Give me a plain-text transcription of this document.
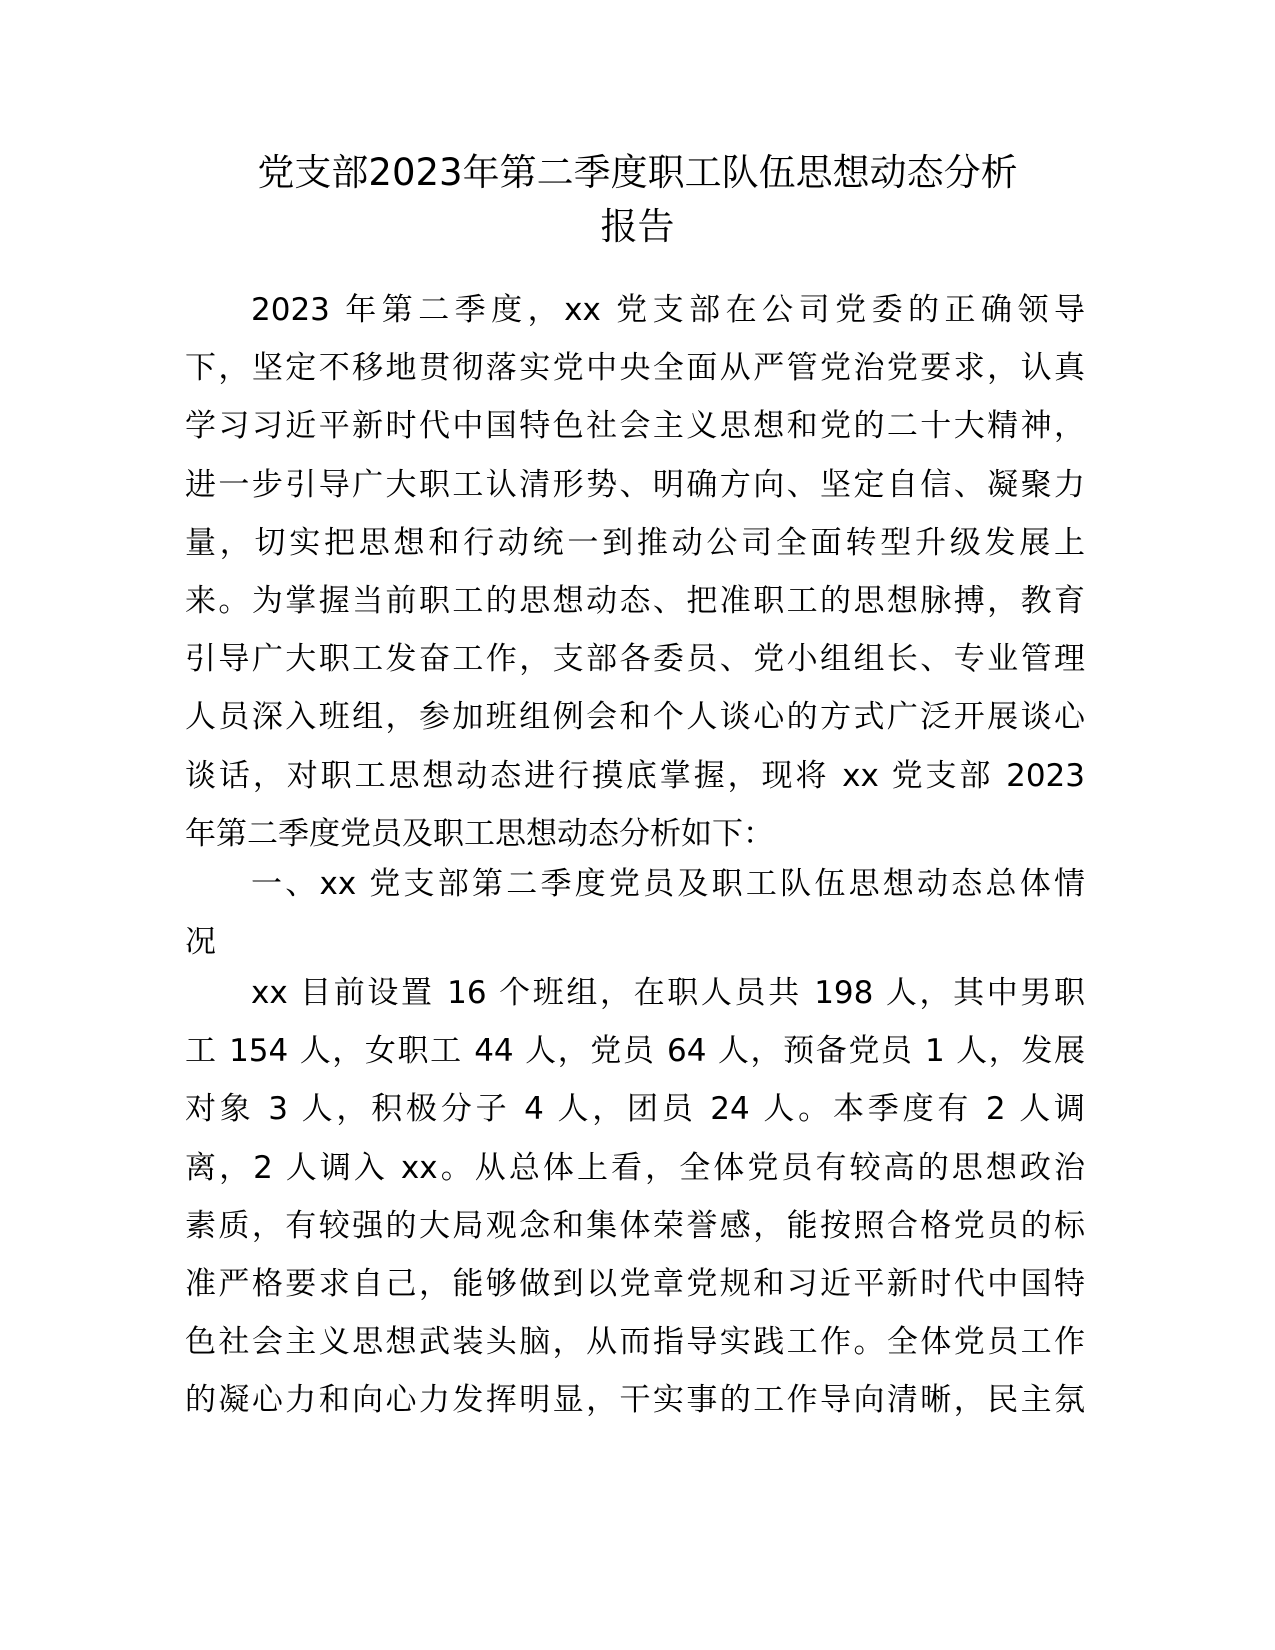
党支部2023年第二季度职工队伍思想动态分析
报告

2023 年第二季度，xx 党支部在公司党委的正确领导
下，坚定不移地贯彻落实党中央全面从严管党治党要求，认真
学习习近平新时代中国特色社会主义思想和党的二十大精神，
进一步引导广大职工认清形势、明确方向、坚定自信、凝聚力
量，切实把思想和行动统一到推动公司全面转型升级发展上
来。为掌握当前职工的思想动态、把准职工的思想脉搏，教育
引导广大职工发奋工作，支部各委员、党小组组长、专业管理
人员深入班组，参加班组例会和个人谈心的方式广泛开展谈心
谈话，对职工思想动态进行摸底掌握，现将 xx 党支部 2023
年第二季度党员及职工思想动态分析如下：

一、xx 党支部第二季度党员及职工队伍思想动态总体情
况

xx 目前设置 16 个班组，在职人员共 198 人，其中男职
工 154 人，女职工 44 人，党员 64 人，预备党员 1 人，发展
对象 3 人，积极分子 4 人，团员 24 人。本季度有 2 人调
离，2 人调入 xx。从总体上看，全体党员有较高的思想政治
素质，有较强的大局观念和集体荣誉感，能按照合格党员的标
准严格要求自己，能够做到以党章党规和习近平新时代中国特
色社会主义思想武装头脑，从而指导实践工作。全体党员工作
的凝心力和向心力发挥明显，干实事的工作导向清晰，民主氛
